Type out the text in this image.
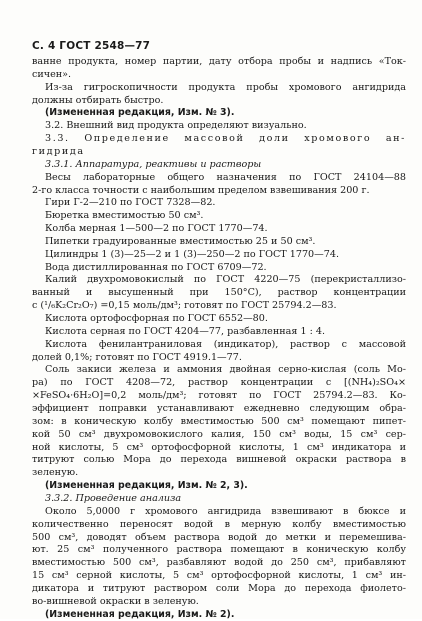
С. 4 ГОСТ 2548—77
ванне продукта, номер партии, дату отбора пробы и надпись «Ток-
сичен».
Из-за гигроскопичности продукта пробы хромового ангидрида
должны отбирать быстро.
(Измененная редакция, Изм. № 3).
3.2. Внешний вид продукта определяют визуально.
3.3. Определение массовой доли хромового ан-
гидрида
3.3.1. Аппаратура, реактивы и растворы
Весы лабораторные общего назначения по ГОСТ 24104—88
2-го класса точности с наибольшим пределом взвешивания 200 г.
Гири Г-2—210 по ГОСТ 7328—82.
Бюретка вместимостью 50 см³.
Колба мерная 1—500—2 по ГОСТ 1770—74.
Пипетки градуированные вместимостью 25 и 50 см³.
Цилиндры 1 (3)—25—2 и 1 (3)—250—2 по ГОСТ 1770—74.
Вода дистиллированная по ГОСТ 6709—72.
Калий двухромовокислый по ГОСТ 4220—75 (перекристаллизо-
ванный и высушенный при 150°С), раствор концентрации
с (¹/₆K₂Cr₂O₇) =0,15 моль/дм³; готовят по ГОСТ 25794.2—83.
Кислота ортофосфорная по ГОСТ 6552—80.
Кислота серная по ГОСТ 4204—77, разбавленная 1 : 4.
Кислота фенилантраниловая (индикатор), раствор с массовой
долей 0,1%; готовят по ГОСТ 4919.1—77.
Соль закиси железа и аммония двойная серно-кислая (соль Мо-
ра) по ГОСТ 4208—72, раствор концентрации с [(NH₄)₂SO₄×
×FeSO₄·6H₂O]=0,2 моль/дм³; готовят по ГОСТ 25794.2—83. Ко-
эффициент поправки устанавливают ежедневно следующим обра-
зом: в коническую колбу вместимостью 500 см³ помещают пипет-
кой 50 см³ двухромовокислого калия, 150 см³ воды, 15 см³ сер-
ной кислоты, 5 см³ ортофосфорной кислоты, 1 см³ индикатора и
титруют солью Мора до перехода вишневой окраски раствора в
зеленую.
(Измененная редакция, Изм. № 2, 3).
3.3.2. Проведение анализа
Около 5,0000 г хромового ангидрида взвешивают в бюксе и
количественно переносят водой в мерную колбу вместимостью
500 см³, доводят объем раствора водой до метки и перемешива-
ют. 25 см³ полученного раствора помещают в коническую колбу
вместимостью 500 см³, разбавляют водой до 250 см³, прибавляют
15 см³ серной кислоты, 5 см³ ортофосфорной кислоты, 1 см³ ин-
дикатора и титруют раствором соли Мора до перехода фиолето-
во-вишневой окраски в зеленую.
(Измененная редакция, Изм. № 2).
